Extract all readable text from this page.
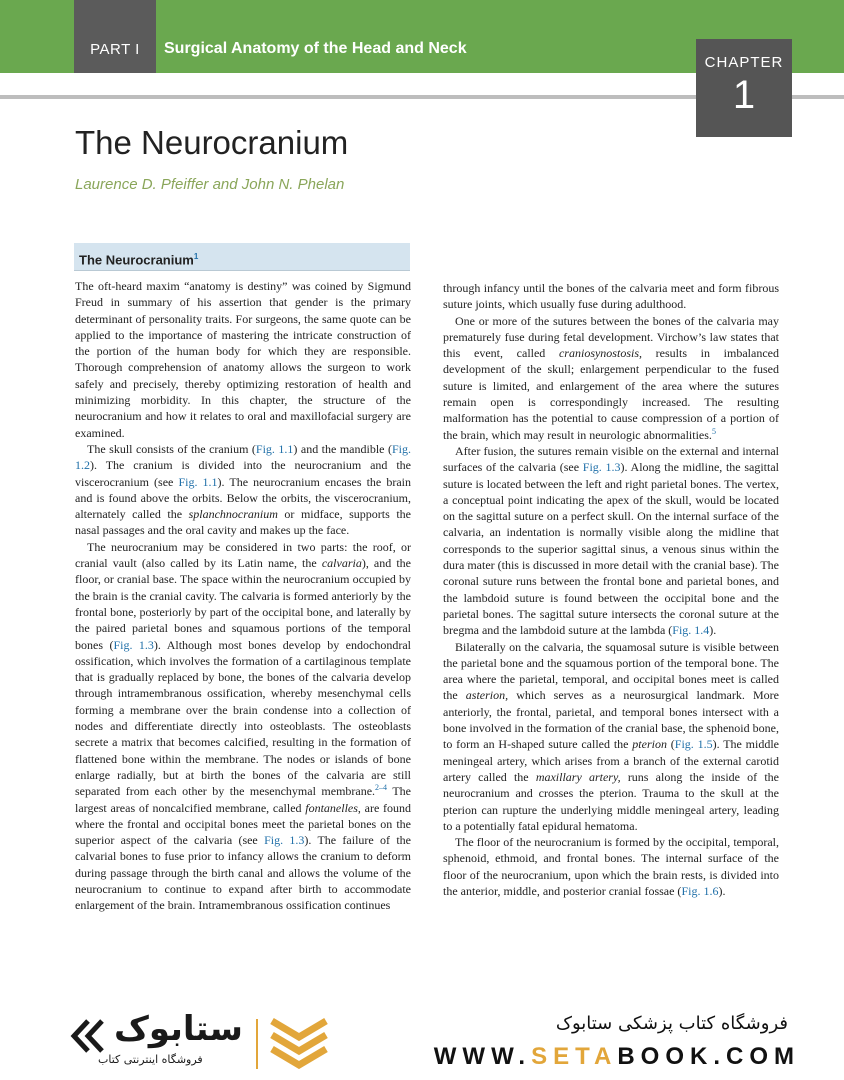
PART I	Surgical Anatomy of the Head and Neck
CHAPTER
1
The Neurocranium
Laurence D. Pfeiffer and John N. Phelan
The Neurocranium$^1$

The oft-heard maxim “anatomy is destiny” was coined by Sigmund Freud in summary of his assertion that gender is the primary determinant of personality traits. For surgeons, the same quote can be applied to the importance of mastering the intricate construction of the portion of the human body for which they are responsible. Thorough comprehension of anatomy allows the surgeon to work safely and precisely, thereby optimizing restoration of health and minimizing morbidity. In this chapter, the structure of the neurocranium and how it relates to oral and maxillofacial surgery are examined.

The skull consists of the cranium (Fig. 1.1) and the mandible (Fig. 1.2). The cranium is divided into the neurocranium and the viscerocranium (see Fig. 1.1). The neurocranium encases the brain and is found above the orbits. Below the orbits, the viscerocranium, alternately called the splanchnocranium or midface, supports the nasal passages and the oral cavity and makes up the face.

The neurocranium may be considered in two parts: the roof, or cranial vault (also called by its Latin name, the calvaria), and the floor, or cranial base. The space within the neurocranium occupied by the brain is the cranial cavity. The calvaria is formed anteriorly by the frontal bone, posteriorly by part of the occipital bone, and laterally by the paired parietal bones and squamous portions of the temporal bones (Fig. 1.3). Although most bones develop by endochondral ossification, which involves the formation of a cartilaginous template that is gradually replaced by bone, the bones of the calvaria develop through intramembranous ossification, whereby mesenchymal cells forming a membrane over the brain condense into a collection of nodes and differentiate directly into osteoblasts. The osteoblasts secrete a matrix that becomes calcified, resulting in the formation of flattened bone within the membrane. The nodes or islands of bone enlarge radially, but at birth the bones of the calvaria are still separated from each other by the mesenchymal membrane.$^{2-4}$ The largest areas of noncalcified membrane, called fontanelles, are found where the frontal and occipital bones meet the parietal bones on the superior aspect of the calvaria (see Fig. 1.3). The failure of the calvarial bones to fuse prior to infancy allows the cranium to deform during passage through the birth canal and allows the volume of the neurocranium to continue to expand after birth to accommodate enlargement of the brain. Intramembranous ossification continues

through infancy until the bones of the calvaria meet and form fibrous suture joints, which usually fuse during adulthood.

One or more of the sutures between the bones of the calvaria may prematurely fuse during fetal development. Virchow’s law states that this event, called craniosynostosis, results in imbalanced development of the skull; enlargement perpendicular to the fused suture is limited, and enlargement of the area where the sutures remain open is correspondingly increased. The resulting malformation has the potential to cause compression of a portion of the brain, which may result in neurologic abnormalities.$^5$

After fusion, the sutures remain visible on the external and internal surfaces of the calvaria (see Fig. 1.3). Along the midline, the sagittal suture is located between the left and right parietal bones. The vertex, a conceptual point indicating the apex of the skull, would be located on the sagittal suture on a perfect skull. On the internal surface of the calvaria, an indentation is normally visible along the midline that corresponds to the superior sagittal sinus, a venous sinus within the dura mater (this is discussed in more detail with the cranial base). The coronal suture runs between the frontal bone and parietal bones, and the lambdoid suture is found between the occipital bone and the parietal bones. The sagittal suture intersects the coronal suture at the bregma and the lambdoid suture at the lambda (Fig. 1.4).

Bilaterally on the calvaria, the squamosal suture is visible between the parietal bone and the squamous portion of the temporal bone. The area where the parietal, temporal, and occipital bones meet is called the asterion, which serves as a neurosurgical landmark. More anteriorly, the frontal, parietal, and temporal bones intersect with a bone involved in the formation of the cranial base, the sphenoid bone, to form an H-shaped suture called the pterion (Fig. 1.5). The middle meningeal artery, which arises from a branch of the external carotid artery called the maxillary artery, runs along the inside of the neurocranium and crosses the pterion. Trauma to the skull at the pterion can rupture the underlying middle meningeal artery, leading to a potentially fatal epidural hematoma.

The floor of the neurocranium is formed by the occipital, temporal, sphenoid, ethmoid, and frontal bones. The internal surface of the floor of the neurocranium, upon which the brain rests, is divided into the anterior, middle, and posterior cranial fossae (Fig. 1.6).

ستابوک
فروشگاه اینترنتی کتاب
فروشگاه کتاب پزشکی ستابوک
WWW.SETABOOK.COM
